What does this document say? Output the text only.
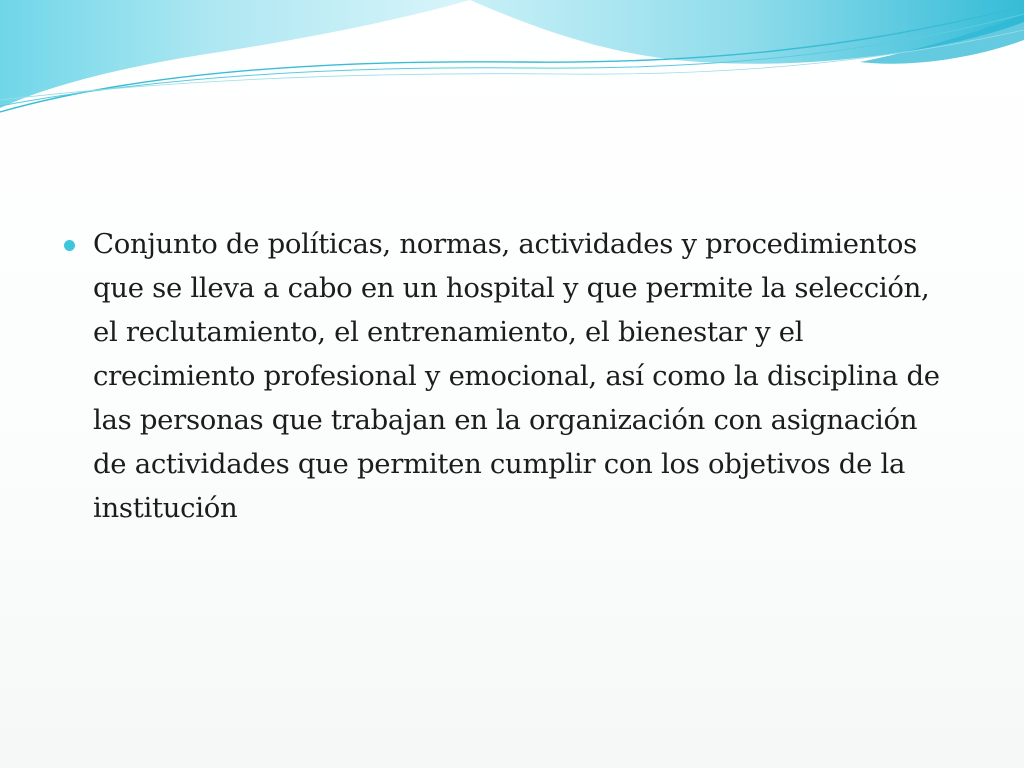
Conjunto de políticas, normas, actividades y procedimientos que se lleva a cabo en un hospital y que permite la selección, el reclutamiento, el entrenamiento, el bienestar y el crecimiento profesional y emocional, así como la disciplina de las personas que trabajan en la organización con asignación de actividades que permiten cumplir con los objetivos de la institución
